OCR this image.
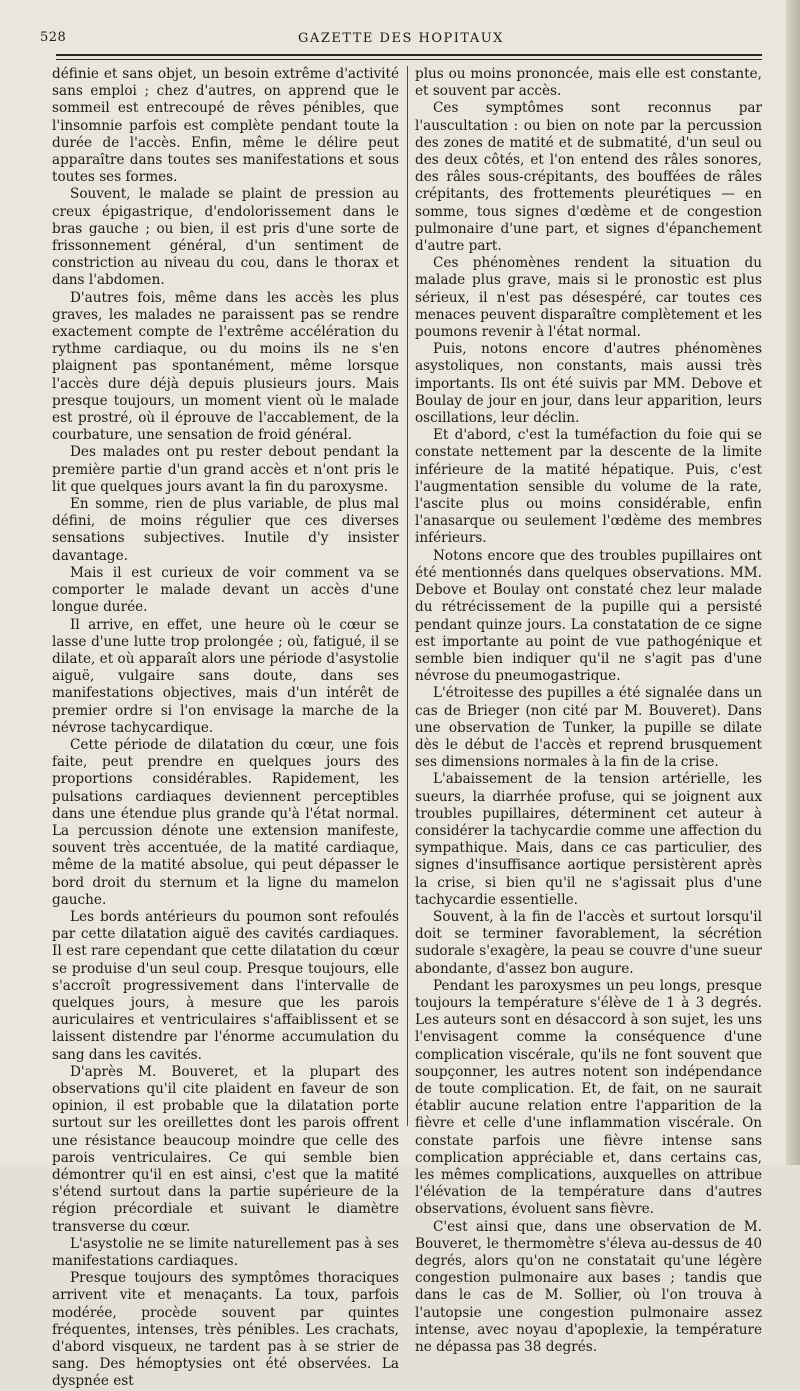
528	GAZETTE DES HOPITAUX

définie et sans objet, un besoin extrême d'activité sans emploi ; chez d'autres, on apprend que le sommeil est entrecoupé de rêves pénibles, que l'insomnie parfois est complète pendant toute la durée de l'accès. Enfin, même le délire peut apparaître dans toutes ses manifestations et sous toutes ses formes.

Souvent, le malade se plaint de pression au creux épigastrique, d'endolorissement dans le bras gauche ; ou bien, il est pris d'une sorte de frissonnement général, d'un sentiment de constriction au niveau du cou, dans le thorax et dans l'abdomen.

D'autres fois, même dans les accès les plus graves, les malades ne paraissent pas se rendre exactement compte de l'extrême accélération du rythme cardiaque, ou du moins ils ne s'en plaignent pas spontanément, même lorsque l'accès dure déjà depuis plusieurs jours. Mais presque toujours, un moment vient où le malade est prostré, où il éprouve de l'accablement, de la courbature, une sensation de froid général.

Des malades ont pu rester debout pendant la première partie d'un grand accès et n'ont pris le lit que quelques jours avant la fin du paroxysme.

En somme, rien de plus variable, de plus mal défini, de moins régulier que ces diverses sensations subjectives. Inutile d'y insister davantage.

Mais il est curieux de voir comment va se comporter le malade devant un accès d'une longue durée.

Il arrive, en effet, une heure où le cœur se lasse d'une lutte trop prolongée ; où, fatigué, il se dilate, et où apparaît alors une période d'asystolie aiguë, vulgaire sans doute, dans ses manifestations objectives, mais d'un intérêt de premier ordre si l'on envisage la marche de la névrose tachycardique.

Cette période de dilatation du cœur, une fois faite, peut prendre en quelques jours des proportions considérables. Rapidement, les pulsations cardiaques deviennent perceptibles dans une étendue plus grande qu'à l'état normal. La percussion dénote une extension manifeste, souvent très accentuée, de la matité cardiaque, même de la matité absolue, qui peut dépasser le bord droit du sternum et la ligne du mamelon gauche.

Les bords antérieurs du poumon sont refoulés par cette dilatation aiguë des cavités cardiaques. Il est rare cependant que cette dilatation du cœur se produise d'un seul coup. Presque toujours, elle s'accroît progressivement dans l'intervalle de quelques jours, à mesure que les parois auriculaires et ventriculaires s'affaiblissent et se laissent distendre par l'énorme accumulation du sang dans les cavités.

D'après M. Bouveret, et la plupart des observations qu'il cite plaident en faveur de son opinion, il est probable que la dilatation porte surtout sur les oreillettes dont les parois offrent une résistance beaucoup moindre que celle des parois ventriculaires. Ce qui semble bien démontrer qu'il en est ainsi, c'est que la matité s'étend surtout dans la partie supérieure de la région précordiale et suivant le diamètre transverse du cœur.

L'asystolie ne se limite naturellement pas à ses manifestations cardiaques.

Presque toujours des symptômes thoraciques arrivent vite et menaçants. La toux, parfois modérée, procède souvent par quintes fréquentes, intenses, très pénibles. Les crachats, d'abord visqueux, ne tardent pas à se strier de sang. Des hémoptysies ont été observées. La dyspnée est

plus ou moins prononcée, mais elle est constante, et souvent par accès.

Ces symptômes sont reconnus par l'auscultation : ou bien on note par la percussion des zones de matité et de submatité, d'un seul ou des deux côtés, et l'on entend des râles sonores, des râles sous-crépitants, des bouffées de râles crépitants, des frottements pleurétiques — en somme, tous signes d'œdème et de congestion pulmonaire d'une part, et signes d'épanchement d'autre part.

Ces phénomènes rendent la situation du malade plus grave, mais si le pronostic est plus sérieux, il n'est pas désespéré, car toutes ces menaces peuvent disparaître complètement et les poumons revenir à l'état normal.

Puis, notons encore d'autres phénomènes asystoliques, non constants, mais aussi très importants. Ils ont été suivis par MM. Debove et Boulay de jour en jour, dans leur apparition, leurs oscillations, leur déclin.

Et d'abord, c'est la tuméfaction du foie qui se constate nettement par la descente de la limite inférieure de la matité hépatique. Puis, c'est l'augmentation sensible du volume de la rate, l'ascite plus ou moins considérable, enfin l'anasarque ou seulement l'œdème des membres inférieurs.

Notons encore que des troubles pupillaires ont été mentionnés dans quelques observations. MM. Debove et Boulay ont constaté chez leur malade du rétrécissement de la pupille qui a persisté pendant quinze jours. La constatation de ce signe est importante au point de vue pathogénique et semble bien indiquer qu'il ne s'agit pas d'une névrose du pneumogastrique.

L'étroitesse des pupilles a été signalée dans un cas de Brieger (non cité par M. Bouveret). Dans une observation de Tunker, la pupille se dilate dès le début de l'accès et reprend brusquement ses dimensions normales à la fin de la crise.

L'abaissement de la tension artérielle, les sueurs, la diarrhée profuse, qui se joignent aux troubles pupillaires, déterminent cet auteur à considérer la tachycardie comme une affection du sympathique. Mais, dans ce cas particulier, des signes d'insuffisance aortique persistèrent après la crise, si bien qu'il ne s'agissait plus d'une tachycardie essentielle.

Souvent, à la fin de l'accès et surtout lorsqu'il doit se terminer favorablement, la sécrétion sudorale s'exagère, la peau se couvre d'une sueur abondante, d'assez bon augure.

Pendant les paroxysmes un peu longs, presque toujours la température s'élève de 1 à 3 degrés. Les auteurs sont en désaccord à son sujet, les uns l'envisagent comme la conséquence d'une complication viscérale, qu'ils ne font souvent que soupçonner, les autres notent son indépendance de toute complication. Et, de fait, on ne saurait établir aucune relation entre l'apparition de la fièvre et celle d'une inflammation viscérale. On constate parfois une fièvre intense sans complication appréciable et, dans certains cas, les mêmes complications, auxquelles on attribue l'élévation de la température dans d'autres observations, évoluent sans fièvre.

C'est ainsi que, dans une observation de M. Bouveret, le thermomètre s'éleva au-dessus de 40 degrés, alors qu'on ne constatait qu'une légère congestion pulmonaire aux bases ; tandis que dans le cas de M. Sollier, où l'on trouva à l'autopsie une congestion pulmonaire assez intense, avec noyau d'apoplexie, la température ne dépassa pas 38 degrés.
